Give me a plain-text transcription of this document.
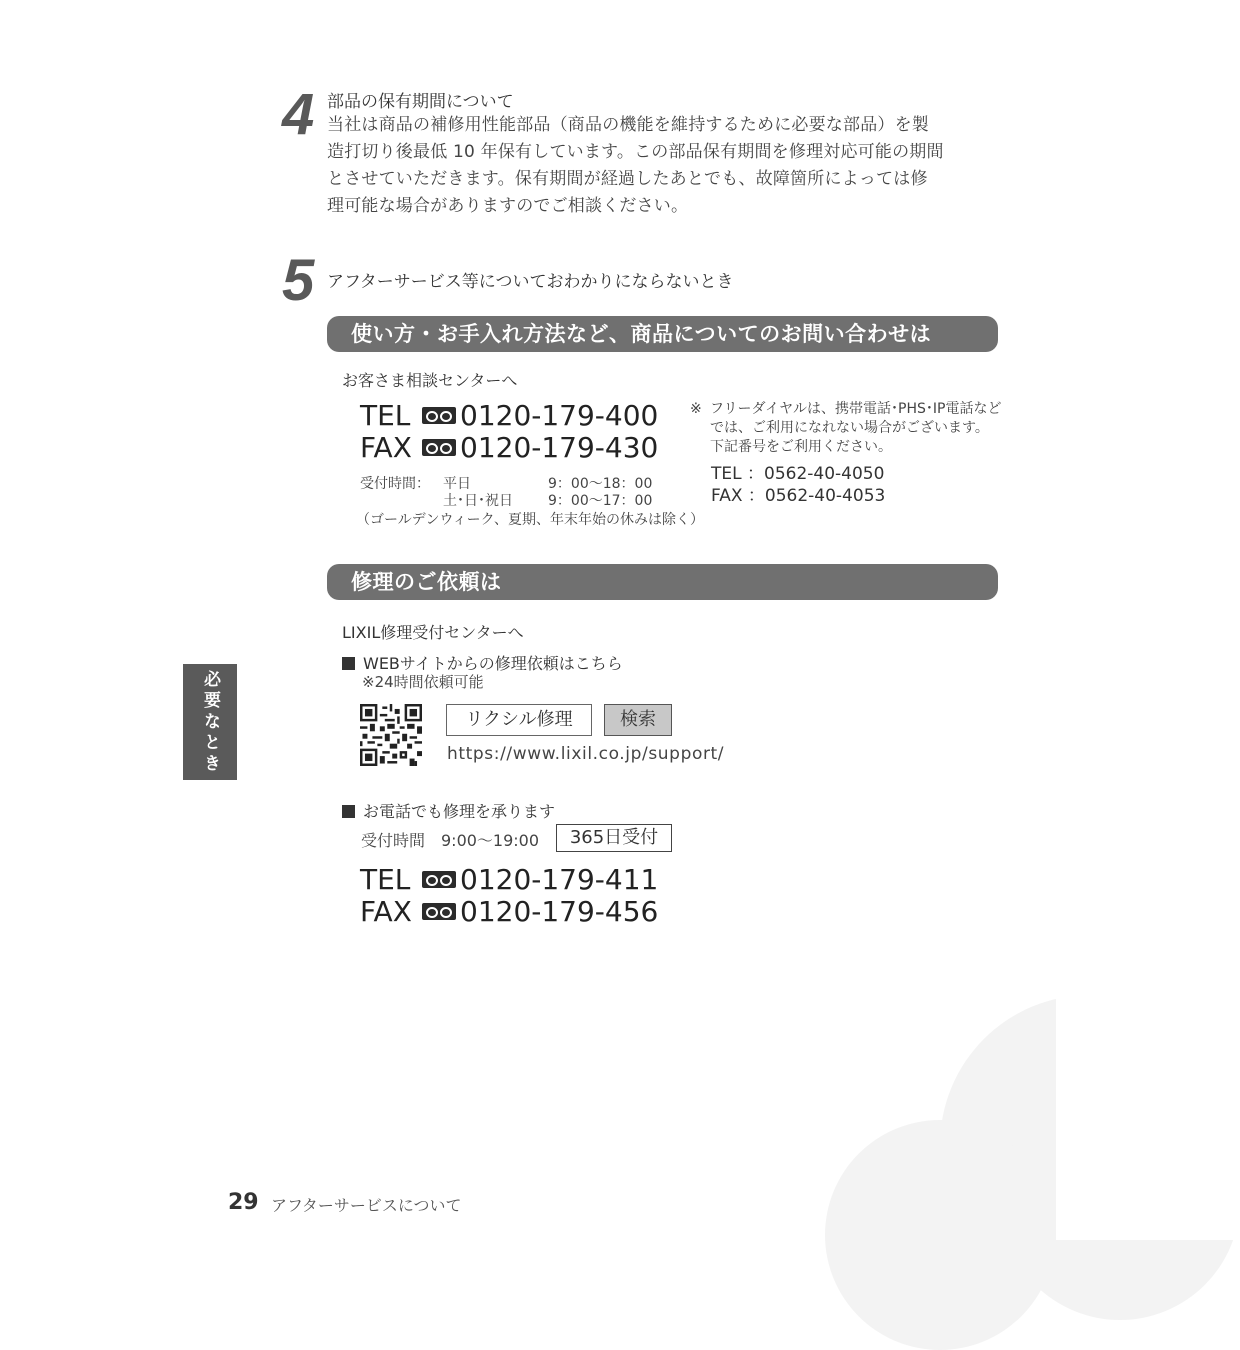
4 部品の保有期間について
当社は商品の補修用性能部品（商品の機能を維持するために必要な部品）を製
造打切り後最低 10 年保有しています。この部品保有期間を修理対応可能の期間
とさせていただきます。保有期間が経過したあとでも、故障箇所によっては修
理可能な場合がありますのでご相談ください。
5 アフターサービス等についておわかりにならないとき
使い方・お手入れ方法など、商品についてのお問い合わせは
お客さま相談センターへ
TEL 0120-179-400
FAX 0120-179-430
受付時間： 平日	9：00〜18：00
土･日･祝日	9：00〜17：00
（ゴールデンウィーク、夏期、年末年始の休みは除く）
※ フリーダイヤルは、携帯電話･PHS･IP電話など
では、ご利用になれない場合がございます。
下記番号をご利用ください。
TEL ：0562-40-4050
FAX ：0562-40-4053
修理のご依頼は
LIXIL修理受付センターへ
WEBサイトからの修理依頼はこちら
※24時間依頼可能
リクシル修理	検索
https://www.lixil.co.jp/support/
お電話でも修理を承ります
受付時間　9:00〜19:00	365日受付
TEL 0120-179-411
FAX 0120-179-456
必要なときに
29 アフターサービスについて
